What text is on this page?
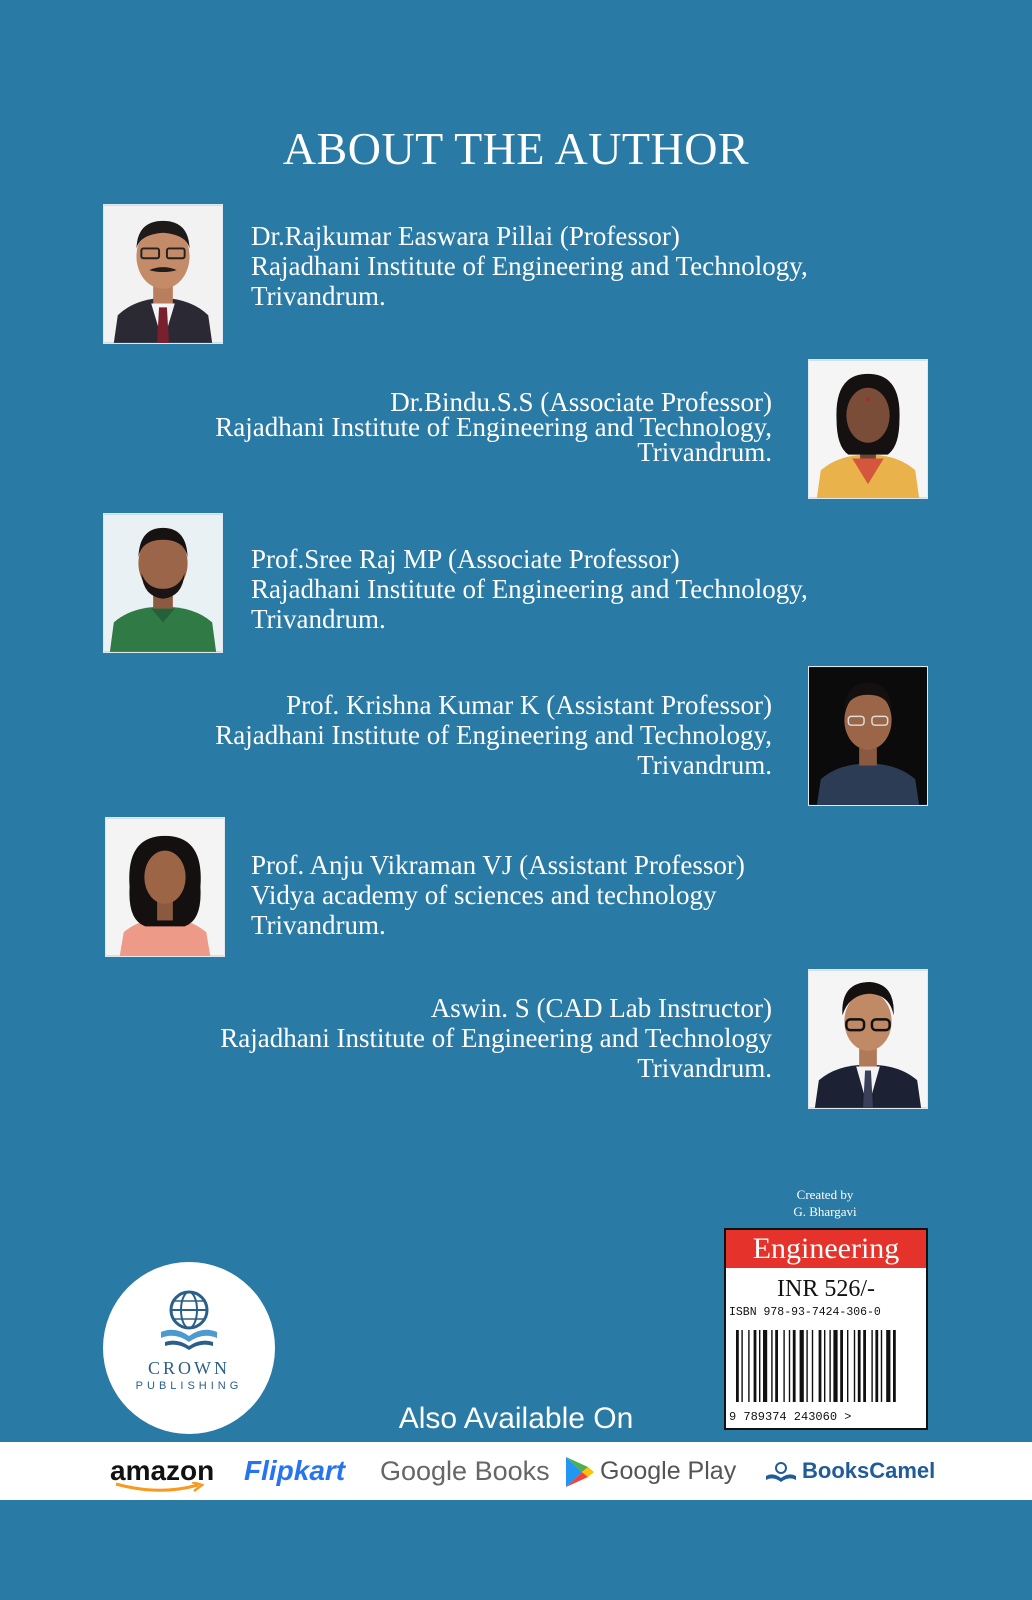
ABOUT THE AUTHOR
Dr.Rajkumar Easwara Pillai (Professor)
Rajadhani Institute of Engineering and Technology,
Trivandrum.
Dr.Bindu.S.S (Associate Professor)
Rajadhani Institute of Engineering and Technology,
Trivandrum.
Prof.Sree Raj MP (Associate Professor)
Rajadhani Institute of Engineering and Technology,
Trivandrum.
Prof. Krishna Kumar K (Assistant Professor)
Rajadhani Institute of Engineering and Technology,
Trivandrum.
Prof. Anju Vikraman VJ (Assistant Professor)
Vidya academy of sciences and technology
Trivandrum.
Aswin. S (CAD Lab Instructor)
Rajadhani Institute of Engineering and Technology
Trivandrum.
CROWN
PUBLISHING
Created by
G. Bhargavi
Engineering
INR 526/-
ISBN 978-93-7424-306-0
9 789374 243060 >
Also Available On
amazon Flipkart Google Books	Google Play	BooksCamel
